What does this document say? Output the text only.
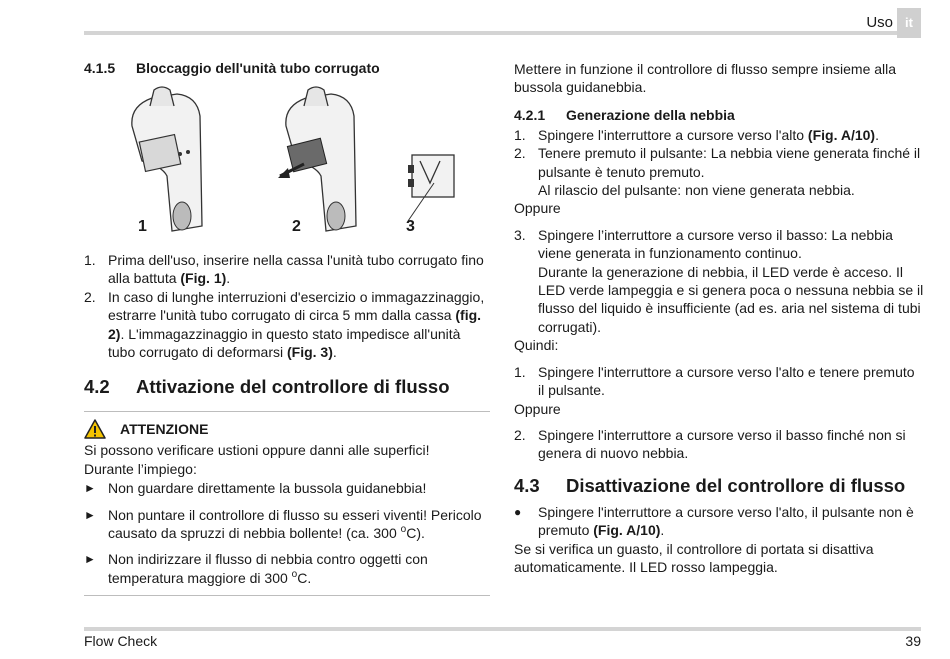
Uso it
4.1.5	Bloccaggio dell'unità tubo corrugato
1	2	3
1. Prima dell'uso, inserire nella cassa l'unità tubo corrugato fino alla battuta (Fig. 1).
2. In caso di lunghe interruzioni d'esercizio o immagazzinaggio, estrarre l'unità tubo corrugato di circa 5 mm dalla cassa (fig. 2). L'immagazzinaggio in questo stato impedisce all'unità tubo corrugato di deformarsi (Fig. 3).
4.2	Attivazione del controllore di flusso
ATTENZIONE

Si possono verificare ustioni oppure danni alle superfici!

Durante l’impiego:

► Non guardare direttamente la bussola guidanebbia!
► Non puntare il controllore di flusso su esseri viventi! Pericolo causato da spruzzi di nebbia bollente! (ca. 300 $^o$C).
► Non indirizzare il flusso di nebbia contro oggetti con temperatura maggiore di 300 $^o$C.

Mettere in funzione il controllore di flusso sempre insieme alla bussola guidanebbia.

4.2.1	Generazione della nebbia
1. Spingere l'interruttore a cursore verso l'alto (Fig. A/10).
2. Tenere premuto il pulsante: La nebbia viene generata finché il pulsante è tenuto premuto.
Al rilascio del pulsante: non viene generata nebbia.

Oppure

3. Spingere l’interruttore a cursore verso il basso: La nebbia viene generata in funzionamento continuo.
Durante la generazione di nebbia, il LED verde è acceso. Il LED verde lampeggia e si genera poca o nessuna nebbia se il flusso del liquido è insufficiente (ad es. aria nel sistema di tubi corrugati).

Quindi:

1. Spingere l'interruttore a cursore verso l'alto e tenere premuto il pulsante.

Oppure

2. Spingere l'interruttore a cursore verso il basso finché non si genera di nuovo nebbia.
4.3	Disattivazione del controllore di flusso
●	Spingere l'interruttore a cursore verso l'alto, il pulsante non è premuto (Fig. A/10).

Se si verifica un guasto, il controllore di portata si disattiva automaticamente. Il LED rosso lampeggia.

Flow Check	39
